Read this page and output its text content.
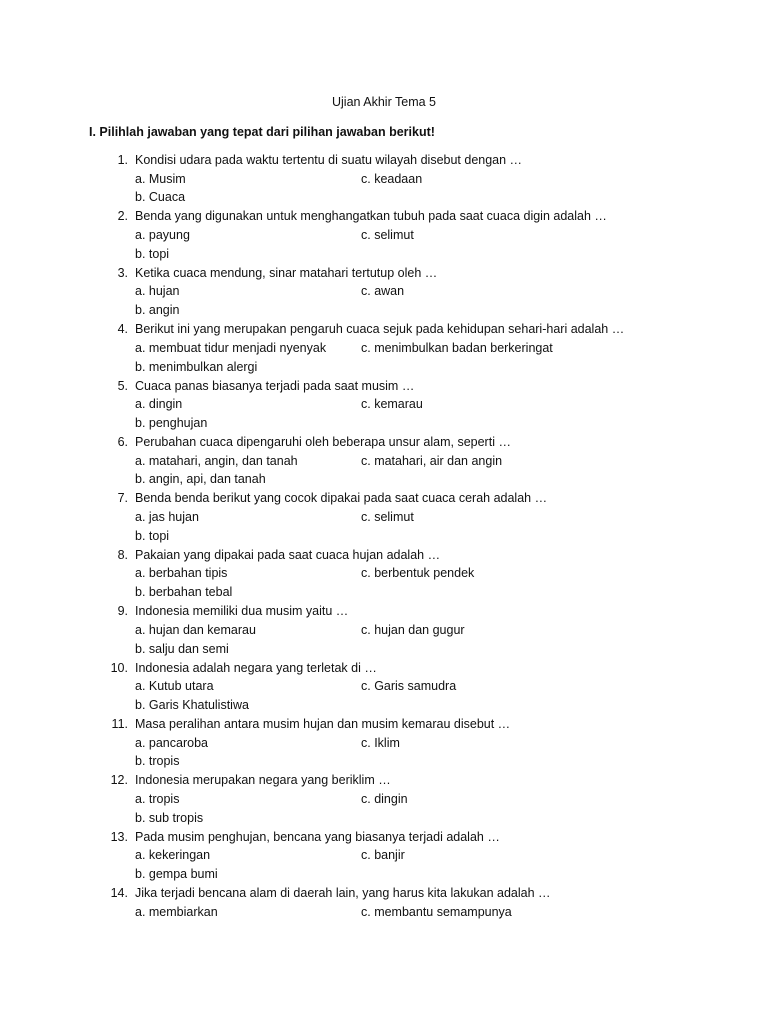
Ujian Akhir Tema 5
I. Pilihlah jawaban yang tepat dari pilihan jawaban berikut!
1. Kondisi udara pada waktu tertentu di suatu wilayah disebut dengan …
a. Musim	c. keadaan
b. Cuaca
2. Benda yang digunakan untuk menghangatkan tubuh pada saat cuaca digin adalah …
a. payung	c. selimut
b. topi
3. Ketika cuaca mendung, sinar matahari tertutup oleh …
a. hujan	c. awan
b. angin
4. Berikut ini yang merupakan pengaruh cuaca sejuk pada kehidupan sehari-hari adalah …
a. membuat tidur menjadi nyenyak	c. menimbulkan badan berkeringat
b. menimbulkan alergi
5. Cuaca panas biasanya terjadi pada saat musim …
a. dingin	c. kemarau
b. penghujan
6. Perubahan cuaca dipengaruhi oleh beberapa unsur alam, seperti …
a. matahari, angin, dan tanah	c. matahari, air dan angin
b. angin, api, dan tanah
7. Benda benda berikut yang cocok dipakai pada saat cuaca cerah adalah …
a. jas hujan	c. selimut
b. topi
8. Pakaian yang dipakai pada saat cuaca hujan adalah …
a. berbahan tipis	c. berbentuk pendek
b. berbahan tebal
9. Indonesia memiliki dua musim yaitu …
a. hujan dan kemarau	c. hujan dan gugur
b. salju dan semi
10. Indonesia adalah negara yang terletak di …
a. Kutub utara	c. Garis samudra
b. Garis Khatulistiwa
11. Masa peralihan antara musim hujan dan musim kemarau disebut …
a. pancaroba	c. Iklim
b. tropis
12. Indonesia merupakan negara yang beriklim …
a. tropis	c. dingin
b. sub tropis
13. Pada musim penghujan, bencana yang biasanya terjadi adalah …
a. kekeringan	c. banjir
b. gempa bumi
14. Jika terjadi bencana alam di daerah lain, yang harus kita lakukan adalah …
a. membiarkan	c. membantu semampunya
